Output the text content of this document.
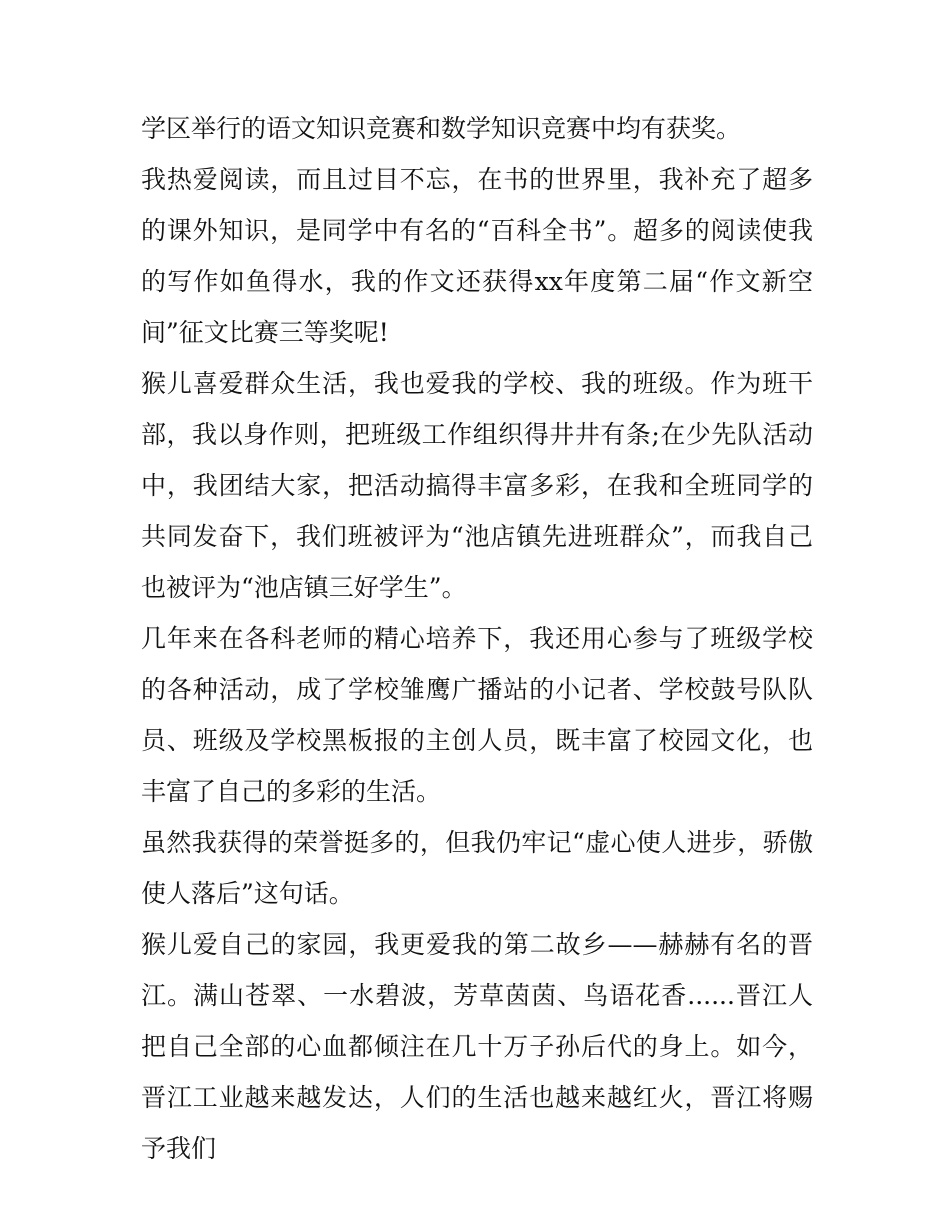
学区举行的语文知识竞赛和数学知识竞赛中均有获奖。

我热爱阅读，而且过目不忘，在书的世界里，我补充了超多的课外知识，是同学中有名的“百科全书”。超多的阅读使我的写作如鱼得水，我的作文还获得xx年度第二届“作文新空间”征文比赛三等奖呢!

猴儿喜爱群众生活，我也爱我的学校、我的班级。作为班干部，我以身作则，把班级工作组织得井井有条;在少先队活动中，我团结大家，把活动搞得丰富多彩，在我和全班同学的共同发奋下，我们班被评为“池店镇先进班群众”，而我自己也被评为“池店镇三好学生”。

几年来在各科老师的精心培养下，我还用心参与了班级学校的各种活动，成了学校雏鹰广播站的小记者、学校鼓号队队员、班级及学校黑板报的主创人员，既丰富了校园文化，也丰富了自己的多彩的生活。

虽然我获得的荣誉挺多的，但我仍牢记“虚心使人进步，骄傲使人落后”这句话。

猴儿爱自己的家园，我更爱我的第二故乡——赫赫有名的晋江。满山苍翠、一水碧波，芳草茵茵、鸟语花香......晋江人把自己全部的心血都倾注在几十万子孙后代的身上。如今，晋江工业越来越发达，人们的生活也越来越红火，晋江将赐予我们
